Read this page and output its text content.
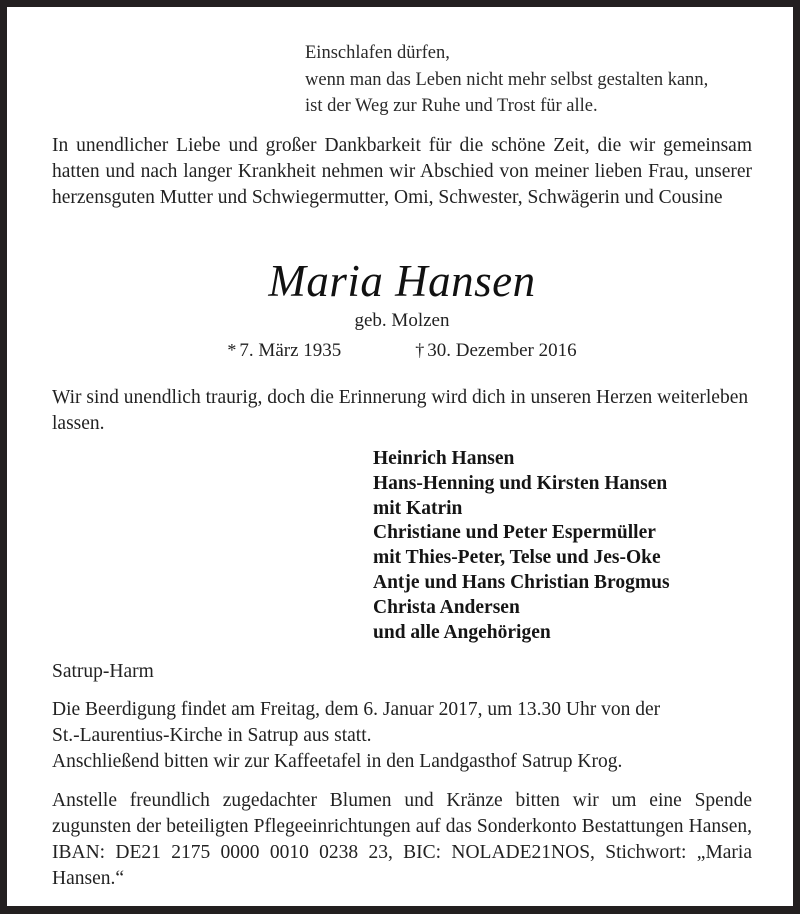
Einschlafen dürfen,
wenn man das Leben nicht mehr selbst gestalten kann,
ist der Weg zur Ruhe und Trost für alle.
In unendlicher Liebe und großer Dankbarkeit für die schöne Zeit, die wir gemeinsam hatten und nach langer Krankheit nehmen wir Abschied von meiner lieben Frau, unserer herzensguten Mutter und Schwiegermutter, Omi, Schwester, Schwägerin und Cousine
Maria Hansen
geb. Molzen
* 7. März 1935	† 30. Dezember 2016
Wir sind unendlich traurig, doch die Erinnerung wird dich in unseren Herzen weiterleben lassen.
Heinrich Hansen
Hans-Henning und Kirsten Hansen
mit Katrin
Christiane und Peter Espermüller
mit Thies-Peter, Telse und Jes-Oke
Antje und Hans Christian Brogmus
Christa Andersen
und alle Angehörigen
Satrup-Harm
Die Beerdigung findet am Freitag, dem 6. Januar 2017, um 13.30 Uhr von der
St.-Laurentius-Kirche in Satrup aus statt.
Anschließend bitten wir zur Kaffeetafel in den Landgasthof Satrup Krog.
Anstelle freundlich zugedachter Blumen und Kränze bitten wir um eine Spende zugunsten der beteiligten Pflegeeinrichtungen auf das Sonderkonto Bestattungen Hansen, IBAN: DE21 2175 0000 0010 0238 23, BIC: NOLADE21NOS, Stichwort: „Maria Hansen.“
